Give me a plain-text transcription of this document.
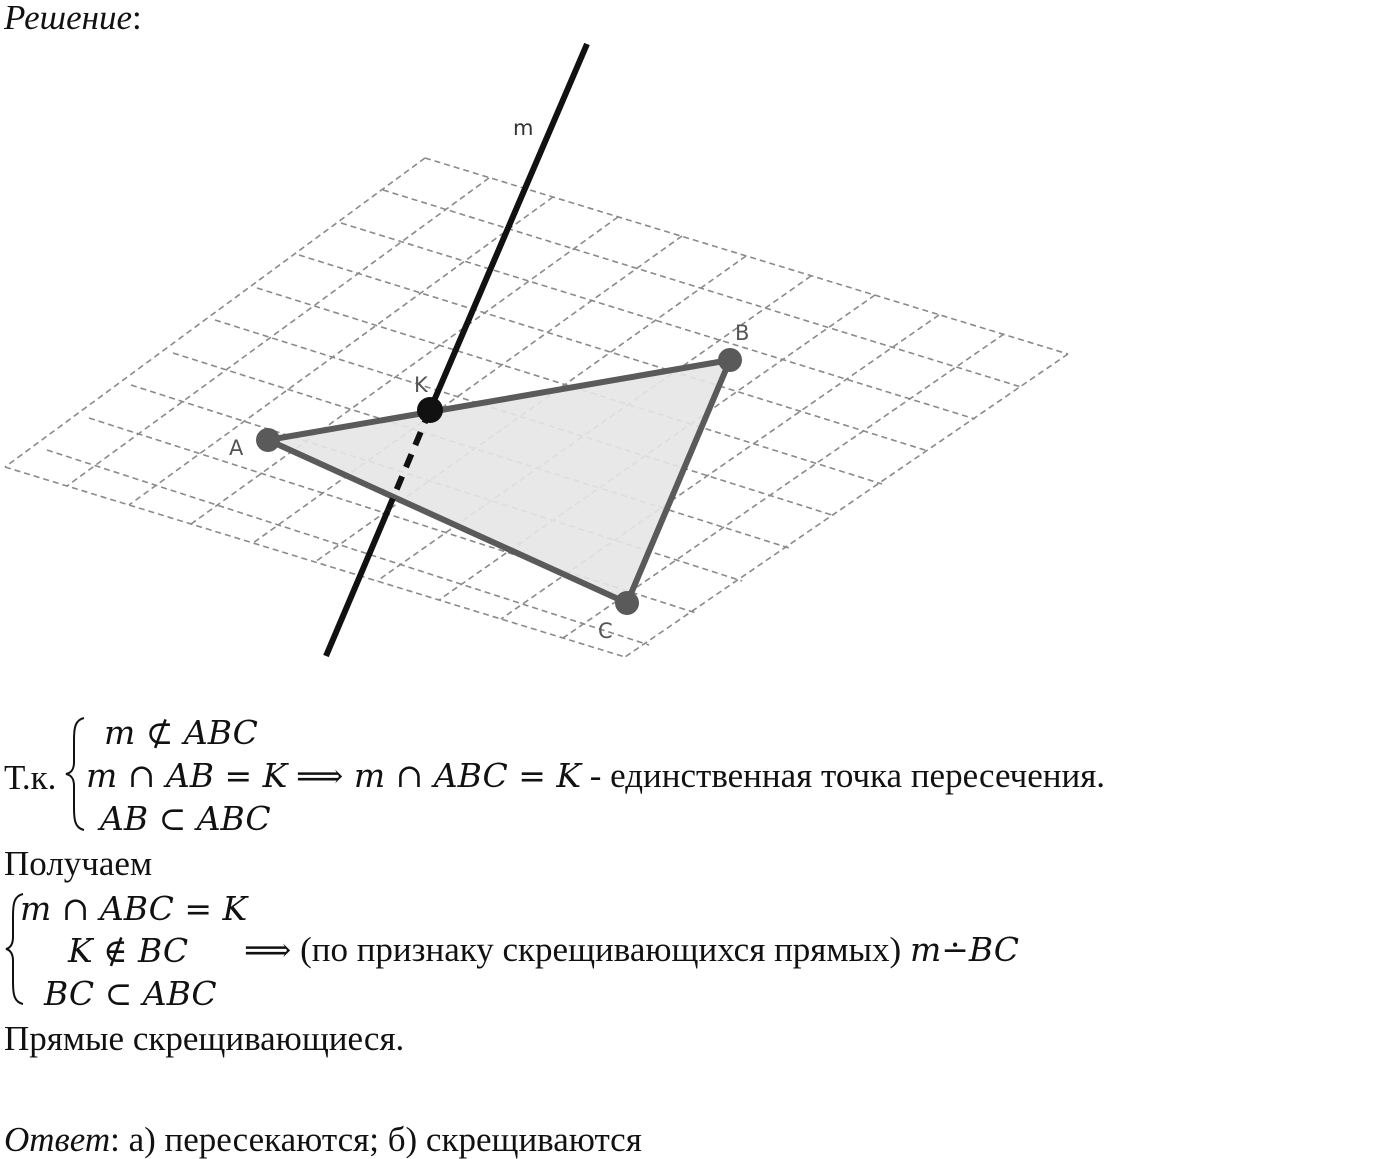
Решение:
m
A
B
C
K
Т.к.
m ⊄ ABC
m ∩ AB = K ⟹ m ∩ ABC = K - единственная точка пересечения.
AB ⊂ ABC
Получаем
m ∩ ABC = K
K ∉ BC ⟹ (по признаку скрещивающихся прямых) m∸BC
BC ⊂ ABC
Прямые скрещивающиеся.
Ответ: а) пересекаются; б) скрещиваются
